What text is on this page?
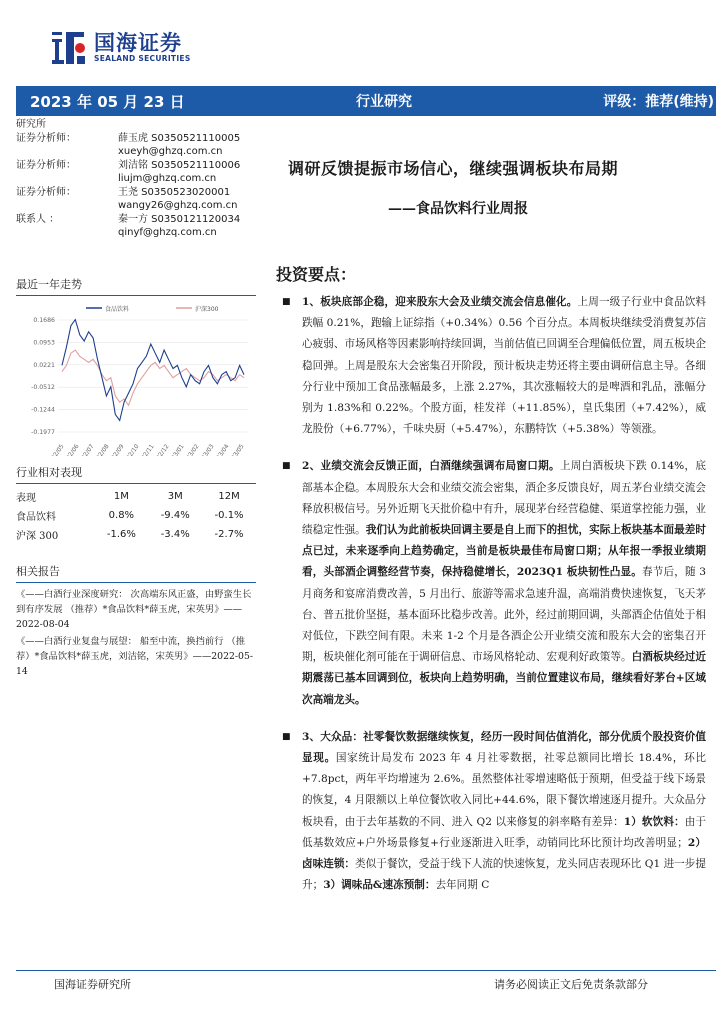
国海证券
SEALAND SECURITIES
2023 年 05 月 23 日	行业研究	评级：推荐(维持)
研究所
证券分析师：	薛玉虎 S0350521110005
xueyh@ghzq.com.cn
证券分析师：	刘洁铭 S0350521110006
liujm@ghzq.com.cn
证券分析师：	王尧 S0350523020001
wangy26@ghzq.com.cn
联系人 ：	秦一方 S0350121120034
qinyf@ghzq.com.cn
最近一年走势
食品饮料	沪深300
0.1686
0.0953
0.0221
-0.0512
-0.1244
-0.1977
22/05 22/06 22/07 22/08 22/09 22/10 22/11 22/12 23/01 23/02 23/03 23/04 23/05
行业相对表现
表现	1M	3M	12M
食品饮料	0.8%	-9.4%	-0.1%
沪深 300	-1.6%	-3.4%	-2.7%
相关报告

《——白酒行业深度研究： 次高端东风正盛，由野蛮生长到有序发展 （推荐）*食品饮料*薛玉虎，宋英男》——2022-08-04

《——白酒行业复盘与展望： 船至中流，换挡前行 （推荐）*食品饮料*薛玉虎，刘洁铭，宋英男》——2022-05-14

调研反馈提振市场信心，继续强调板块布局期
——食品饮料行业周报
投资要点：
■ 1、板块底部企稳，迎来股东大会及业绩交流会信息催化。上周一级子行业中食品饮料跌幅 0.21%，跑输上证综指（+0.34%）0.56 个百分点。本周板块继续受消费复苏信心疲弱、市场风格等因素影响持续回调，当前估值已回调至合理偏低位置，周五板块企稳回弹。上周是股东大会密集召开阶段，预计板块走势还将主要由调研信息主导。各细分行业中预加工食品涨幅最多，上涨 2.27%，其次涨幅较大的是啤酒和乳品，涨幅分别为 1.83%和 0.22%。个股方面，桂发祥（+11.85%），皇氏集团（+7.42%），威龙股份（+6.77%），千味央厨（+5.47%），东鹏特饮（+5.38%）等领涨。
■ 2、业绩交流会反馈正面，白酒继续强调布局窗口期。上周白酒板块下跌 0.14%，底部基本企稳。本周股东大会和业绩交流会密集，酒企多反馈良好，周五茅台业绩交流会释放积极信号。另外近期飞天批价稳中有升，展现茅台经营稳健、渠道掌控能力强，业绩稳定性强。我们认为此前板块回调主要是自上而下的担忧，实际上板块基本面最差时点已过，未来逐季向上趋势确定，当前是板块最佳布局窗口期；从年报一季报业绩期看，头部酒企调整经营节奏，保持稳健增长，2023Q1 板块韧性凸显。春节后，随 3 月商务和宴席消费改善，5 月出行、旅游等需求急速升温，高端消费快速恢复，飞天茅台、普五批价坚挺，基本面环比稳步改善。此外，经过前期回调，头部酒企估值处于相对低位，下跌空间有限。未来 1-2 个月是各酒企公开业绩交流和股东大会的密集召开期，板块催化剂可能在于调研信息、市场风格轮动、宏观利好政策等。白酒板块经过近期震荡已基本回调到位，板块向上趋势明确，当前位置建议布局，继续看好茅台+区域次高端龙头。
■ 3、大众品：社零餐饮数据继续恢复，经历一段时间估值消化，部分优质个股投资价值显现。国家统计局发布 2023 年 4 月社零数据，社零总额同比增长 18.4%，环比+7.8pct，两年平均增速为 2.6%。虽然整体社零增速略低于预期，但受益于线下场景的恢复，4 月限额以上单位餐饮收入同比+44.6%，限下餐饮增速逐月提升。大众品分板块看，由于去年基数的不同、进入 Q2 以来修复的斜率略有差异：1）软饮料：由于低基数效应+户外场景修复+行业逐渐进入旺季，动销同比环比预计均改善明显；2）卤味连锁：类似于餐饮，受益于线下人流的快速恢复，龙头同店表现环比 Q1 进一步提升；3）调味品&速冻预制：去年同期 C
国海证券研究所	请务必阅读正文后免责条款部分
